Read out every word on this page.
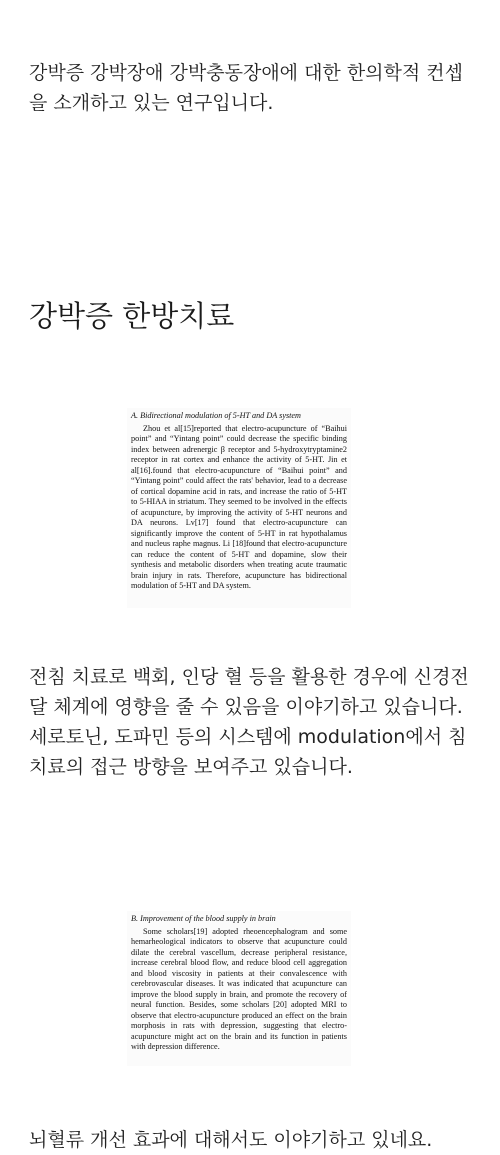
강박증 강박장애 강박충동장애에 대한 한의학적 컨셉을 소개하고 있는 연구입니다.

강박증 한방치료

A. Bidirectional modulation of 5-HT and DA system

Zhou et al[15]reported that electro-acupuncture of “Baihui point” and “Yintang point” could decrease the specific binding index between adrenergic β receptor and 5-hydroxytryptamine2 receptor in rat cortex and enhance the activity of 5-HT. Jin et al[16].found that electro-acupuncture of “Baihui point” and “Yintang point” could affect the rats' behavior, lead to a decrease of cortical dopamine acid in rats, and increase the ratio of 5-HT to 5-HIAA in striatum. They seemed to be involved in the effects of acupuncture, by improving the activity of 5-HT neurons and DA neurons. Lv[17] found that electro-acupuncture can significantly improve the content of 5-HT in rat hypothalamus and nucleus raphe magnus. Li [18]found that electro-acupuncture can reduce the content of 5-HT and dopamine, slow their synthesis and metabolic disorders when treating acute traumatic brain injury in rats. Therefore, acupuncture has bidirectional modulation of 5-HT and DA system.

전침 치료로 백회, 인당 혈 등을 활용한 경우에 신경전달 체계에 영향을 줄 수 있음을 이야기하고 있습니다. 세로토닌, 도파민 등의 시스템에 modulation에서 침치료의 접근 방향을 보여주고 있습니다.

B. Improvement of the blood supply in brain

Some scholars[19] adopted rheoencephalogram and some hemarheological indicators to observe that acupuncture could dilate the cerebral vascellum, decrease peripheral resistance, increase cerebral blood flow, and reduce blood cell aggregation and blood viscosity in patients at their convalescence with cerebrovascular diseases. It was indicated that acupuncture can improve the blood supply in brain, and promote the recovery of neural function. Besides, some scholars [20] adopted MRI to observe that electro-acupuncture produced an effect on the brain morphosis in rats with depression, suggesting that electro-acupuncture might act on the brain and its function in patients with depression difference.

뇌혈류 개선 효과에 대해서도 이야기하고 있네요.
